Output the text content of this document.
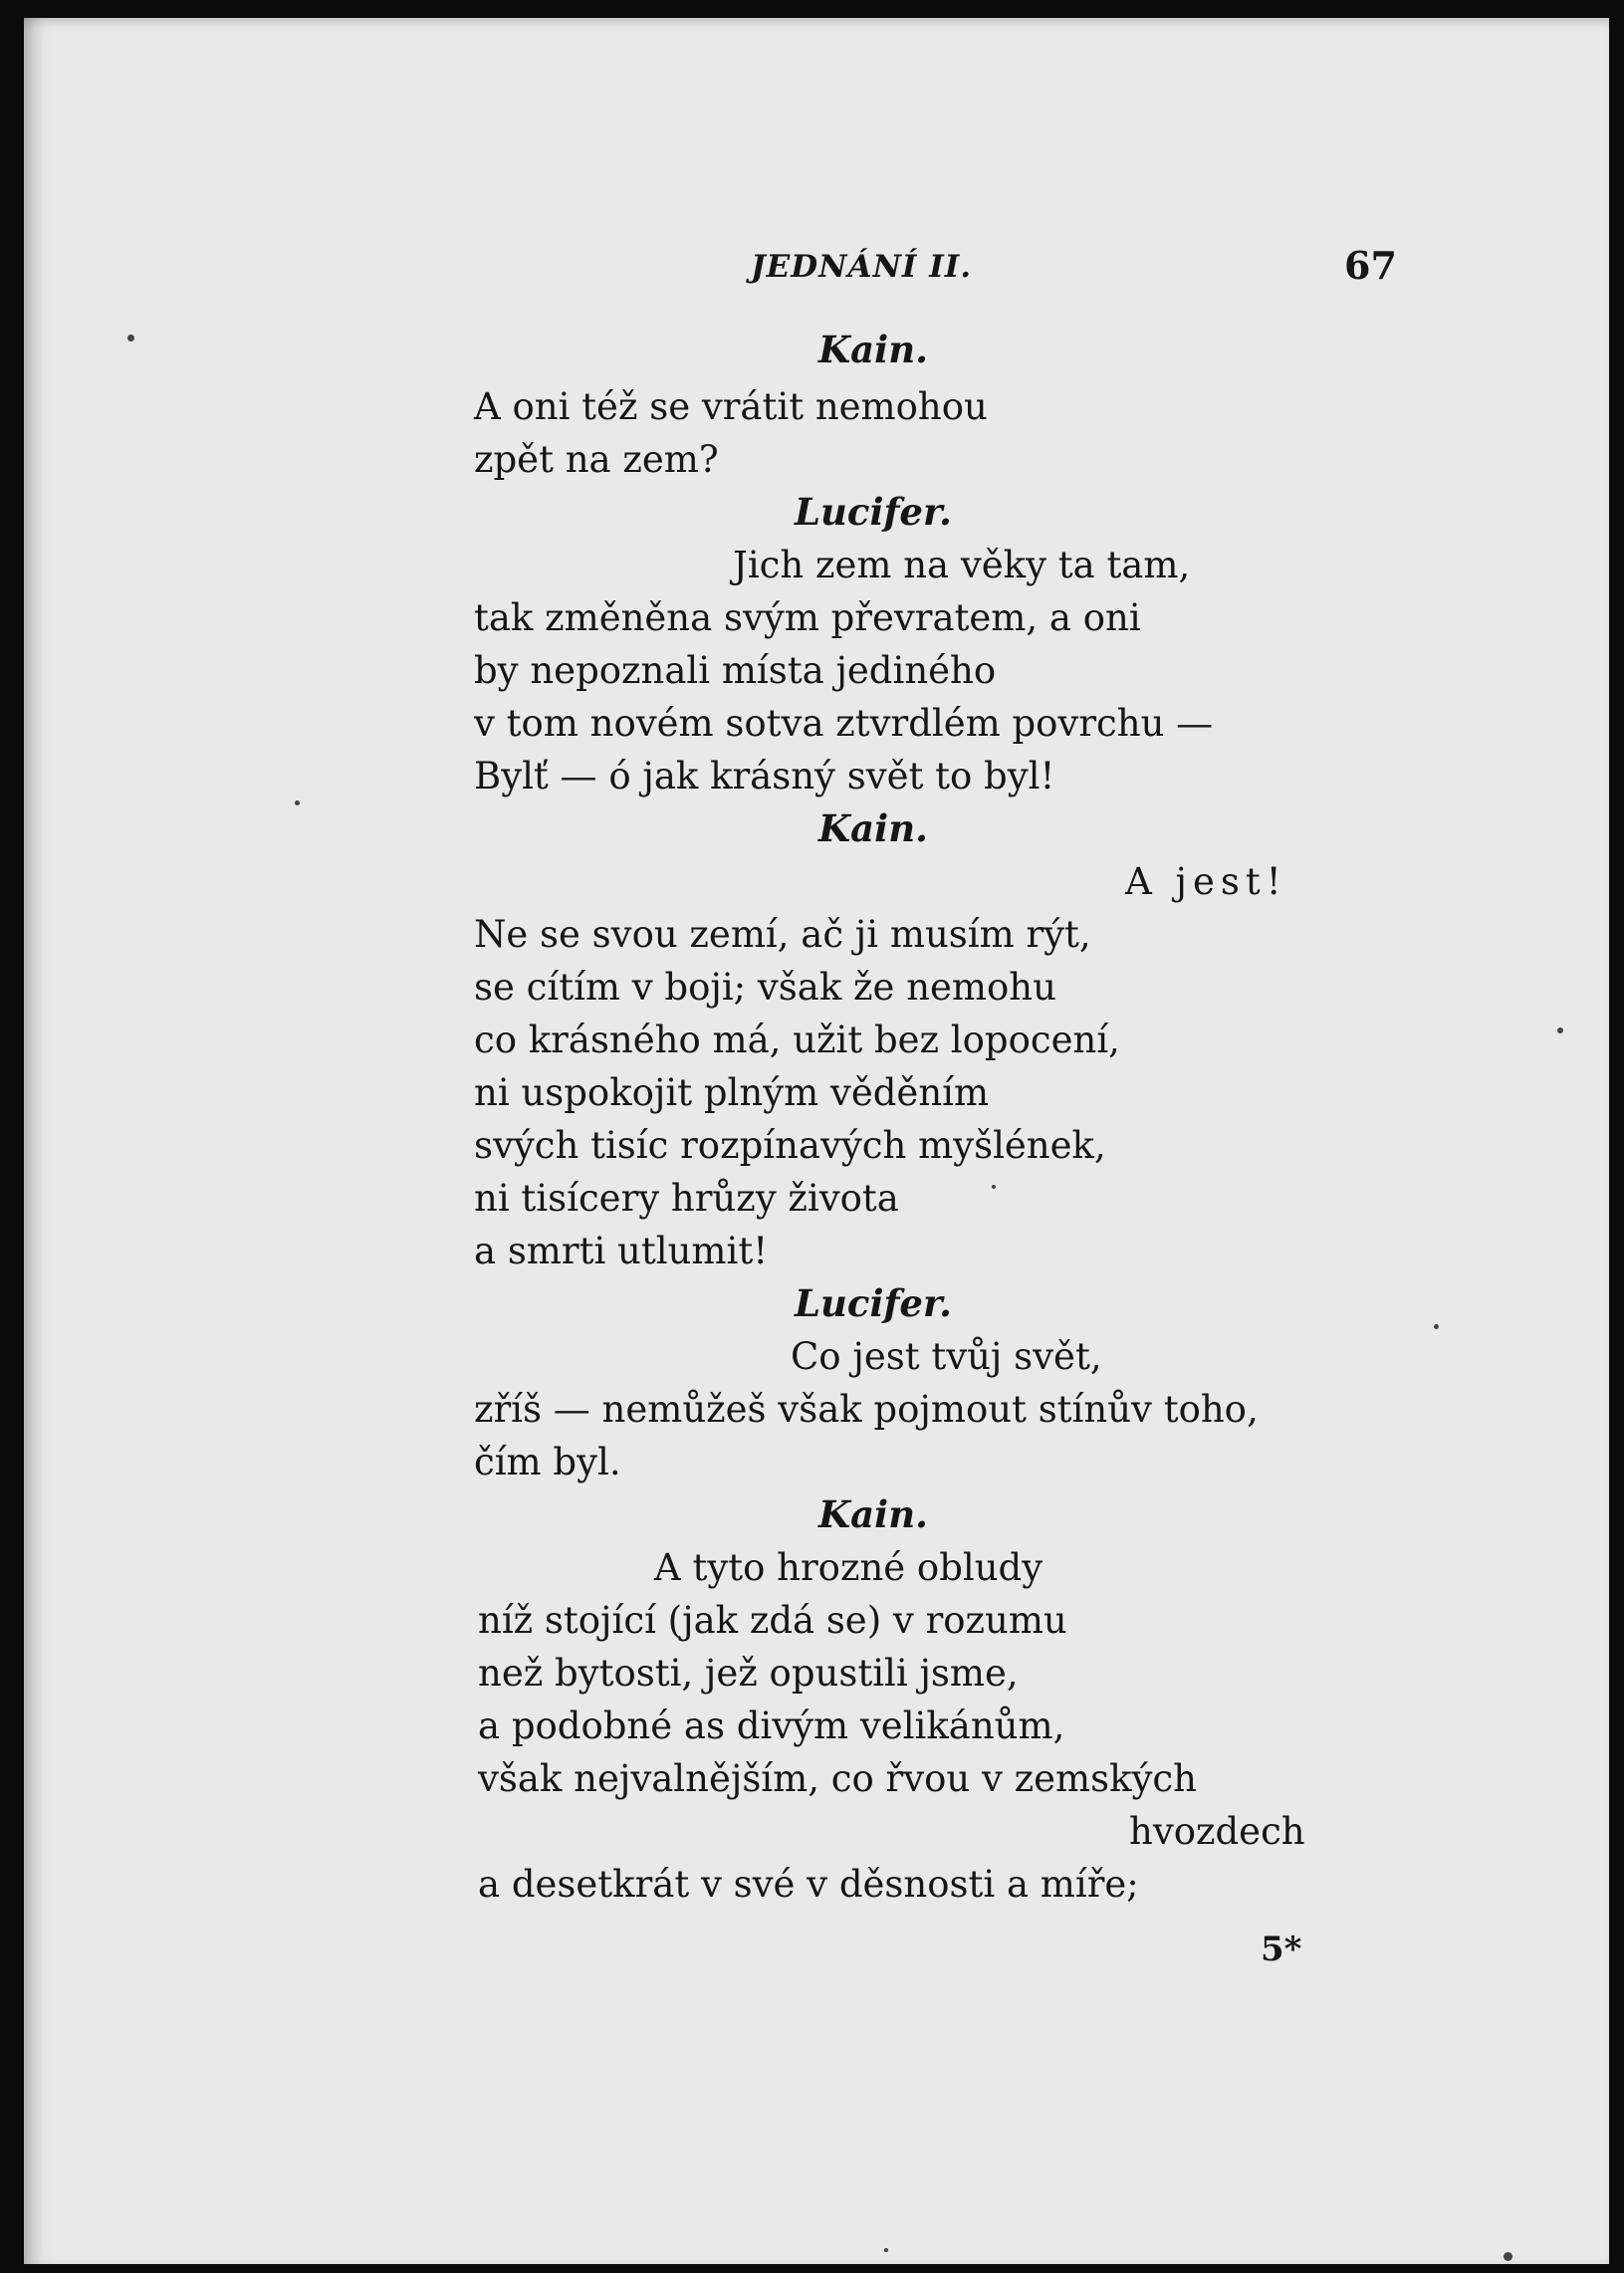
JEDNÁNÍ II.	67
Kain.
A oni též se vrátit nemohou
zpět na zem?
Lucifer.
Jich zem na věky ta tam,
tak změněna svým převratem, a oni
by nepoznali místa jediného
v tom novém sotva ztvrdlém povrchu —
Bylť — ó jak krásný svět to byl!
Kain.
A jest!
Ne se svou zemí, ač ji musím rýt,
se cítím v boji; však že nemohu
co krásného má, užit bez lopocení,
ni uspokojit plným věděním
svých tisíc rozpínavých myšlének,
ni tisícery hrůzy života
a smrti utlumit!
Lucifer.
Co jest tvůj svět,
zříš — nemůžeš však pojmout stínův toho,
čím byl.
Kain.
A tyto hrozné obludy
níž stojící (jak zdá se) v rozumu
než bytosti, jež opustili jsme,
a podobné as divým velikánům,
však nejvalnějším, co řvou v zemských
hvozdech
a desetkrát v své v děsnosti a míře;
5*
